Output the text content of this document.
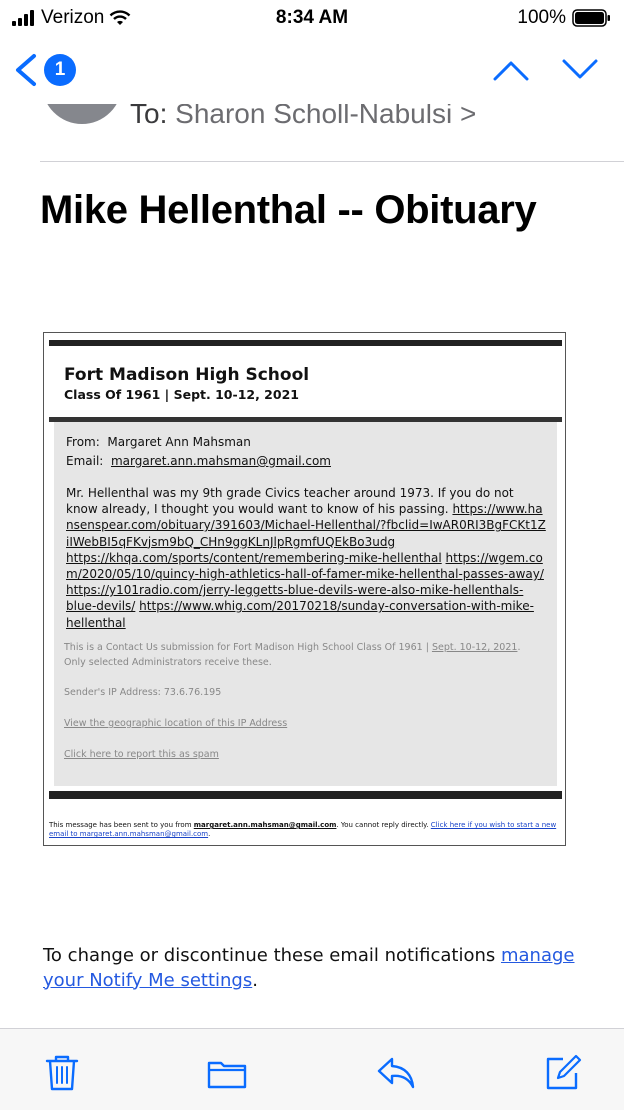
Verizon	8:34 AM	100%
1
To: Sharon Scholl-Nabulsi >
Mike Hellenthal -- Obituary
Fort Madison High School
Class Of 1961 | Sept. 10-12, 2021
From: Margaret Ann Mahsman
Email: margaret.ann.mahsman@gmail.com
Mr. Hellenthal was my 9th grade Civics teacher around 1973. If you do not know already, I thought you would want to know of his passing. https://www.hansenspear.com/obituary/391603/Michael-Hellenthal/?fbclid=IwAR0RI3BgFCKt1ZiIWebBI5qFKvjsm9bQ_CHn9ggKLnJlpRgmfUQEkBo3udg https://khqa.com/sports/content/remembering-mike-hellenthal https://wgem.com/2020/05/10/quincy-high-athletics-hall-of-famer-mike-hellenthal-passes-away/ https://y101radio.com/jerry-leggetts-blue-devils-were-also-mike-hellenthals-blue-devils/ https://www.whig.com/20170218/sunday-conversation-with-mike-hellenthal
This is a Contact Us submission for Fort Madison High School Class Of 1961 | Sept. 10-12, 2021.
Only selected Administrators receive these.
Sender's IP Address: 73.6.76.195
View the geographic location of this IP Address
Click here to report this as spam
This message has been sent to you from margaret.ann.mahsman@gmail.com. You cannot reply directly. Click here if you wish to start a new email to margaret.ann.mahsman@gmail.com.
To change or discontinue these email notifications manage your Notify Me settings.
